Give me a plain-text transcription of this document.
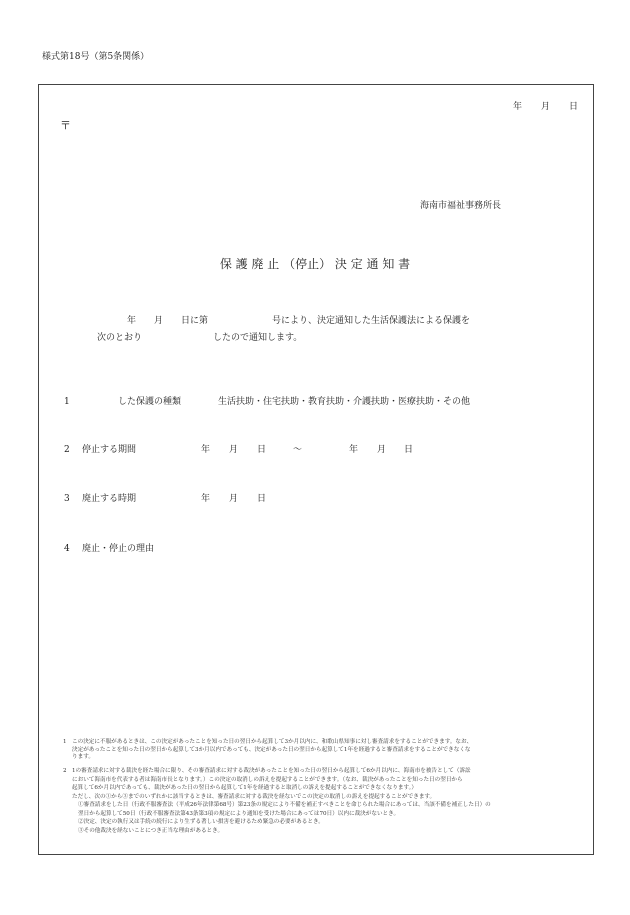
様式第18号（第5条関係）
年 月 日
〒
海南市福祉事務所長
保 護 廃 止 （停止） 決 定 通 知 書
年 月 日に第	号により、決定通知した生活保護法による保護を
次のとおり	したので通知します。
1	した保護の種類	生活扶助・住宅扶助・教育扶助・介護扶助・医療扶助・その他
2 停止する期間	年 月 日	～	年 月 日
3 廃止する時期	年 月 日
4 廃止・停止の理由
1 この決定に不服があるときは、この決定があったことを知った日の翌日から起算して3か月以内に、和歌山県知事に対し審査請求をすることができます。なお、
決定があったことを知った日の翌日から起算して3か月以内であっても、決定があった日の翌日から起算して1年を経過すると審査請求をすることができなくな
ります。
2 1の審査請求に対する裁決を経た場合に限り、その審査請求に対する裁決があったことを知った日の翌日から起算して6か月以内に、海南市を被告として（訴訟
において海南市を代表する者は海南市長となります。）この決定の取消しの訴えを提起することができます。（なお、裁決があったことを知った日の翌日から
起算して6か月以内であっても、裁決があった日の翌日から起算して1年を経過すると取消しの訴えを提起することができなくなります。）
ただし、次の①から③までのいずれかに該当するときは、審査請求に対する裁決を経ないでこの決定の取消しの訴えを提起することができます。
①審査請求をした日（行政不服審査法（平成26年法律第68号）第23条の規定により不備を補正すべきことを命じられた場合にあっては、当該不備を補正した日）の
翌日から起算して50日（行政不服審査法第43条第3項の規定により通知を受けた場合にあっては70日）以内に裁決がないとき。
②決定、決定の執行又は手続の続行により生ずる著しい損害を避けるため緊急の必要があるとき。
③その他裁決を経ないことにつき正当な理由があるとき。
